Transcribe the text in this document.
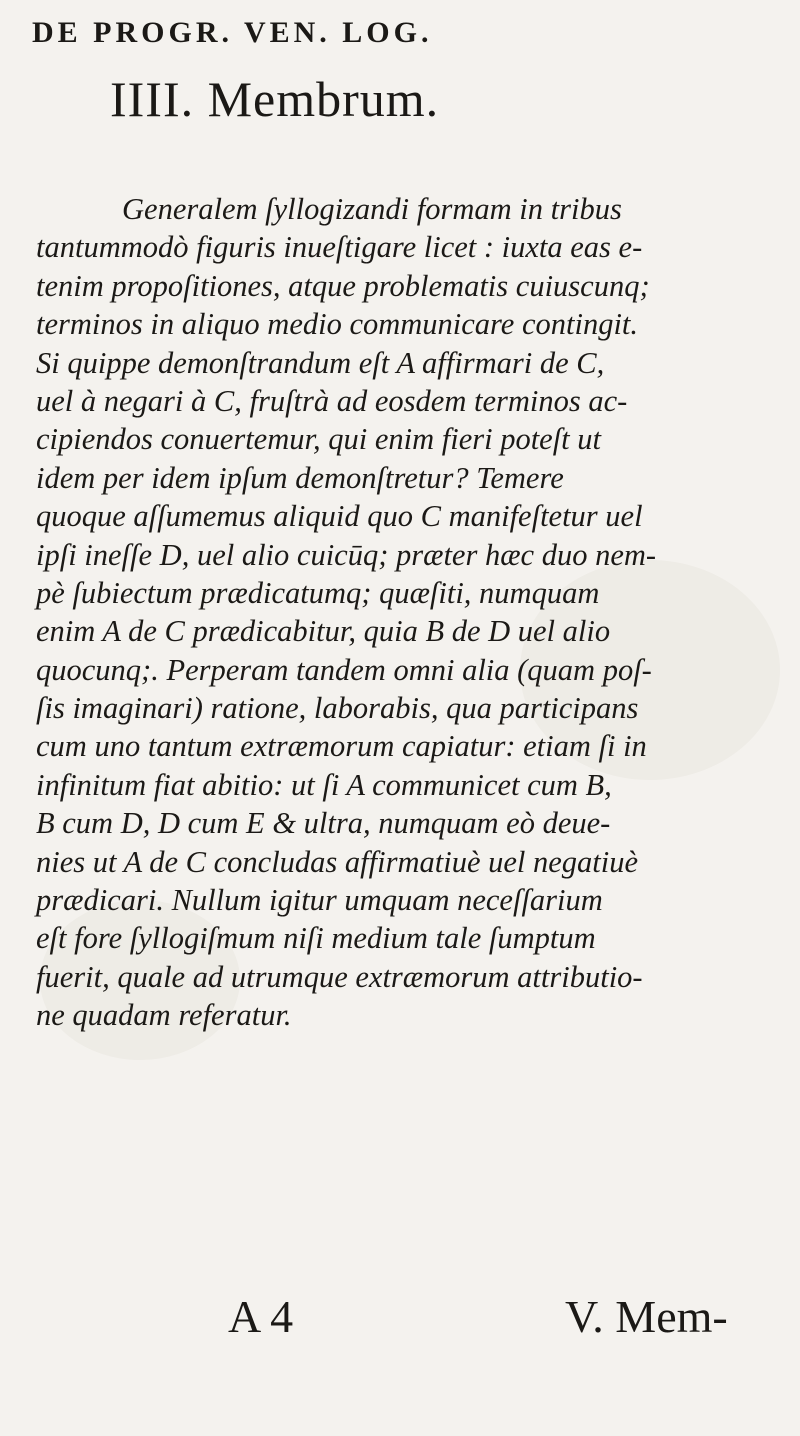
DE PROGR. VEN. LOG.
IIII. Membrum.
Generalem ſyllogizandi formam in tribus
tantummodò figuris inueſtigare licet : iuxta eas e-
tenim propoſitiones, atque problematis cuiuscunq;
terminos in aliquo medio communicare contingit.
Si quippe demonſtrandum eſt A affirmari de C,
uel à negari à C, fruſtrà ad eosdem terminos ac-
cipiendos conuertemur, qui enim fieri poteſt ut
idem per idem ipſum demonſtretur? Temere
quoque aſſumemus aliquid quo C manifeſtetur uel
ipſi ineſſe D, uel alio cuicūq; præter hæc duo nem-
pè ſubiectum prædicatumq; quæſiti, numquam
enim A de C prædicabitur, quia B de D uel alio
quocunq;. Perperam tandem omni alia (quam poſ-
ſis imaginari) ratione, laborabis, qua participans
cum uno tantum extræmorum capiatur: etiam ſi in
infinitum fiat abitio: ut ſi A communicet cum B,
B cum D, D cum E & ultra, numquam eò deue-
nies ut A de C concludas affirmatiuè uel negatiuè
prædicari. Nullum igitur umquam neceſſarium
eſt fore ſyllogiſmum niſi medium tale ſumptum
fuerit, quale ad utrumque extræmorum attributio-
ne quadam referatur.
A 4	V. Mem-
